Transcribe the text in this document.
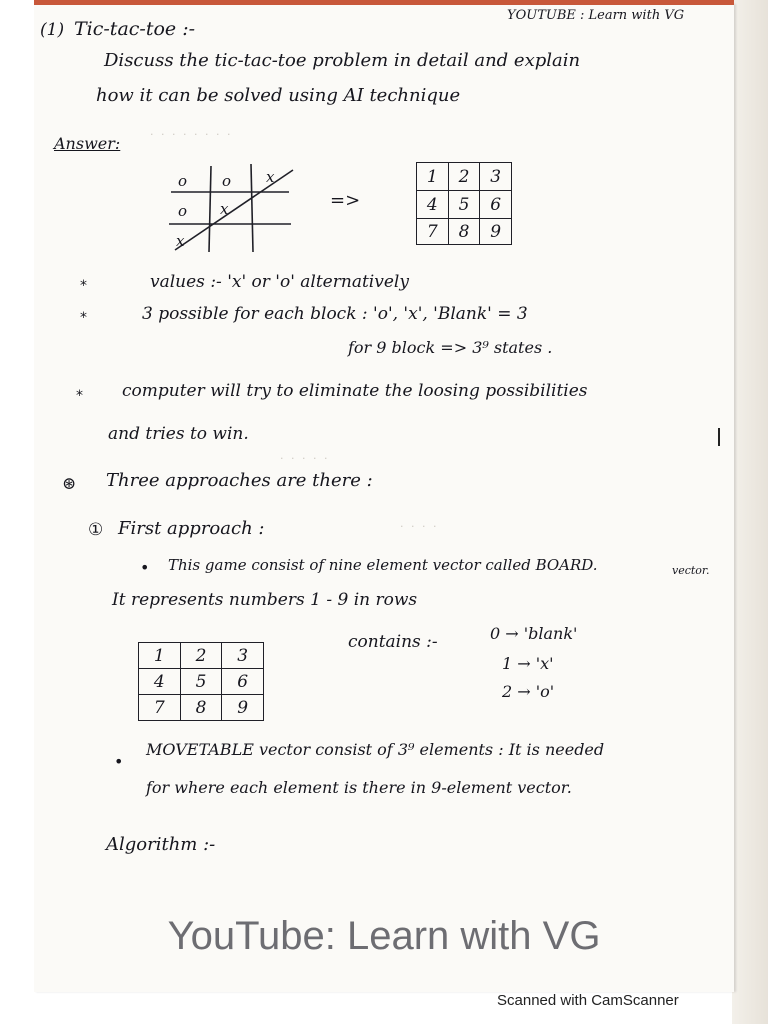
· · · · · · · ·
· · · · ·
· · · ·
YOUTUBE : Learn with VG
(1) Tic-tac-toe :-
Discuss the tic-tac-toe problem in detail and explain
how it can be solved using AI technique
Answer:
o o x
o x
x
=>
1	2	3
4	5	6
7	8	9
*	values :- 'x' or 'o' alternatively
*	3 possible for each block : 'o', 'x', 'Blank' = 3
for 9 block => 3⁹ states .
* computer will try to eliminate the loosing possibilities
and tries to win.
⊛ Three approaches are there :
① First approach :
• This game consist of nine element vector called BOARD.	vector.
It represents numbers 1 - 9 in rows
contains :-	0 → 'blank'
1 → 'x'
2 → 'o'
1	2	3
4	5	6
7	8	9
•
MOVETABLE vector consist of 3⁹ elements : It is needed
for where each element is there in 9-element vector.
Algorithm :-
YouTube: Learn with VG
Scanned with CamScanner
